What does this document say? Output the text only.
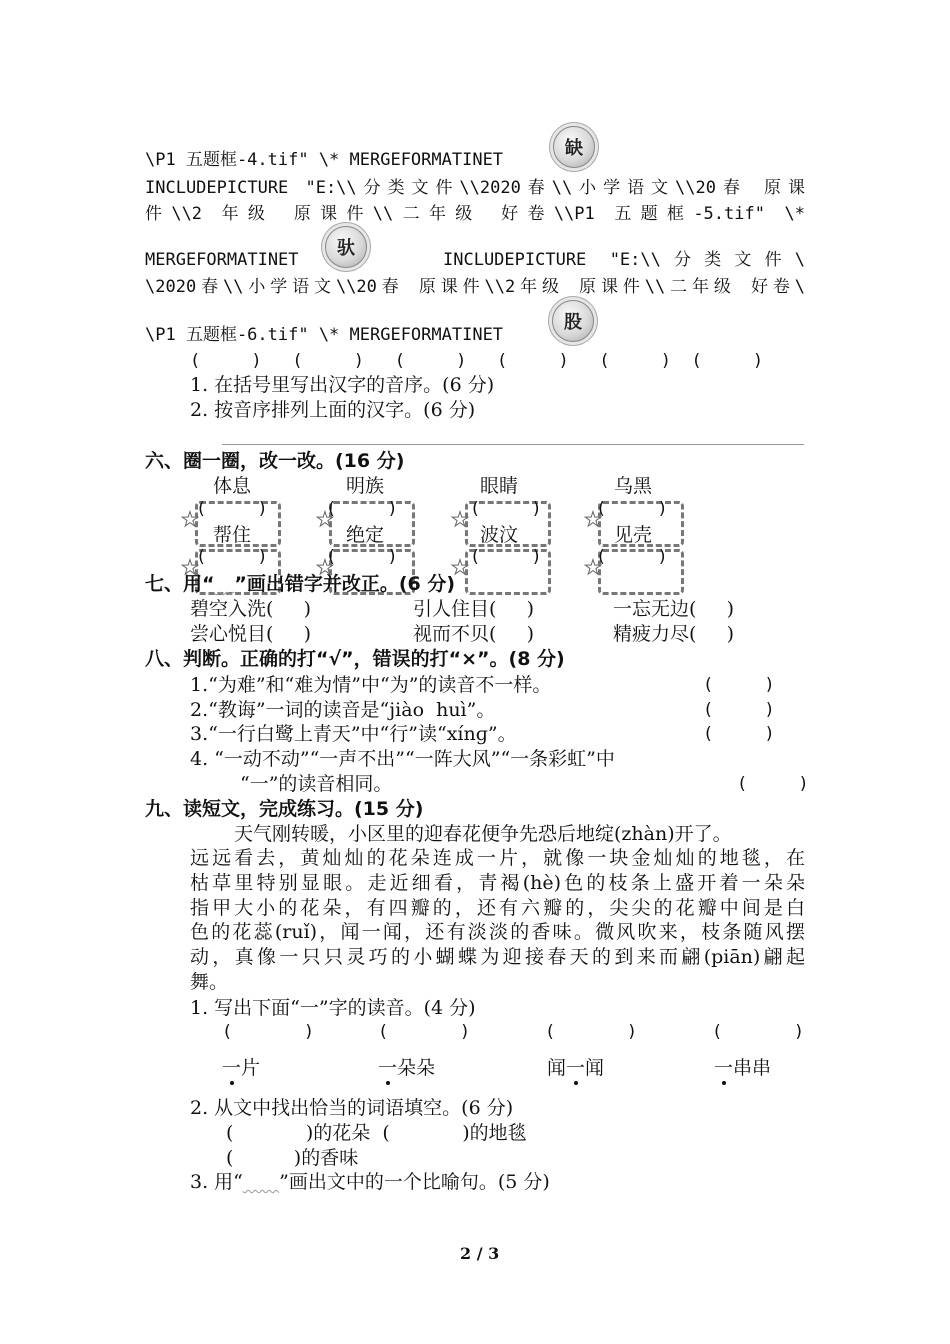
\P1 五题框-4.tif" \* MERGEFORMATINET
缺
INCLUDEPICTURE "E:\\分类文件\\2020春\\小学语文\\20春 原课
件\\2 年级 原课件\\二年级 好卷\\P1 五题框-5.tif" \*
MERGEFORMATINET
驮
INCLUDEPICTURE "E:\\分类文件\
\2020春\\小学语文\\20春 原课件\\2年级 原课件\\二年级 好卷\
\P1 五题框-6.tif" \* MERGEFORMATINET
股
(     )   (     )   (     )   (     )   (     )  (     )
1. 在括号里写出汉字的音序。(6 分)
2. 按音序排列上面的汉字。(6 分)
六、圈一圈，改一改。(16 分)
体息	明族	眼睛	乌黑
★	★	★	★
(     )	(     )	(     )	(     )
帮住	绝定	波汶	见壳
★	★	★	★
(     )	(     )	(     )	(     )
七、用“ ”画出错字并改正。(6 分)
碧空入洗(     )	引人住目(     )	一忘无边(     )
尝心悦目(     )	视而不贝(     )	精疲力尽(     )
八、判断。正确的打“√”，错误的打“×”。(8 分)
1.“为难”和“难为情”中“为”的读音不一样。	(     )
2.“教诲”一词的读音是“jiào  huì”。	(     )
3.“一行白鹭上青天”中“行”读“xínɡ”。	(     )
4. “一动不动”“一声不出”“一阵大风”“一条彩虹”中
“一”的读音相同。	(     )
九、读短文，完成练习。(15 分)
天气刚转暖，小区里的迎春花便争先恐后地绽(zhàn)开了。
远远看去，黄灿灿的花朵连成一片，就像一块金灿灿的地毯，在
枯草里特别显眼。走近细看，青褐(hè)色的枝条上盛开着一朵朵
指甲大小的花朵，有四瓣的，还有六瓣的，尖尖的花瓣中间是白
色的花蕊(ruǐ)，闻一闻，还有淡淡的香味。微风吹来，枝条随风摆
动，真像一只只灵巧的小蝴蝶为迎接春天的到来而翩(piān)翩起
舞。
1. 写出下面“一”字的读音。(4 分)
(       )	(       )	(       )	(       )
一片	一朵朵	闻一闻	一串串
2. 从文中找出恰当的词语填空。(6 分)
(            )的花朵  (            )的地毯
(          )的香味
3. 用“ ”画出文中的一个比喻句。(5 分)
2 / 3
